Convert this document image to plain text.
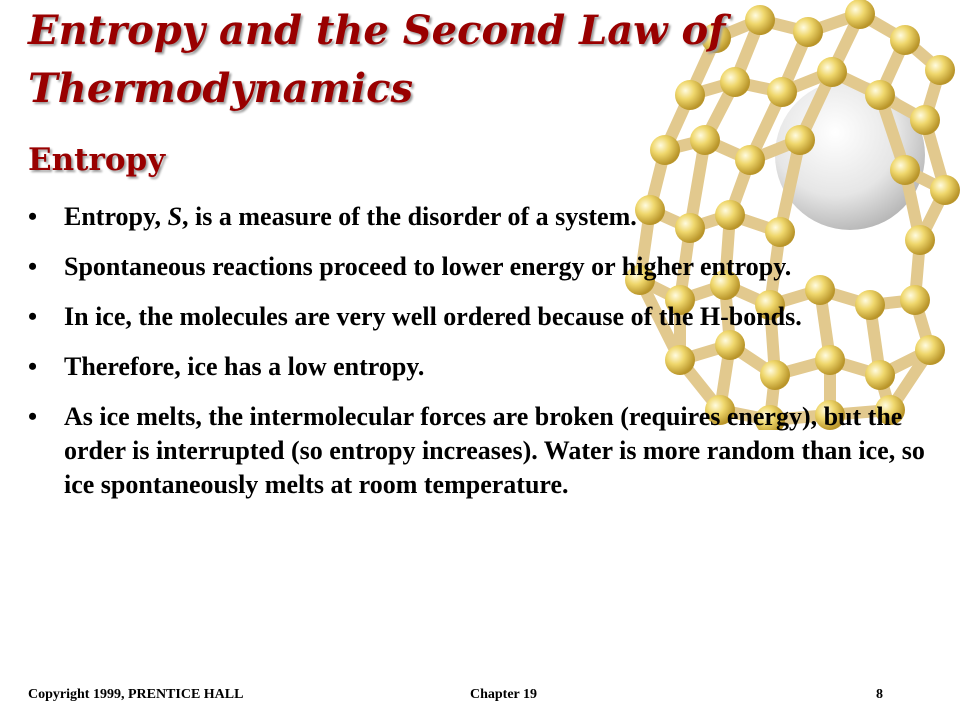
Entropy and the Second Law of Thermodynamics
Entropy
• Entropy, S, is a measure of the disorder of a system.
• Spontaneous reactions proceed to lower energy or higher entropy.
• In ice, the molecules are very well ordered because of the H-bonds.
• Therefore, ice has a low entropy.
• As ice melts, the intermolecular forces are broken (requires energy), but the order is interrupted (so entropy increases). Water is more random than ice, so ice spontaneously melts at room temperature.
Copyright 1999, PRENTICE HALL	Chapter 19	8
